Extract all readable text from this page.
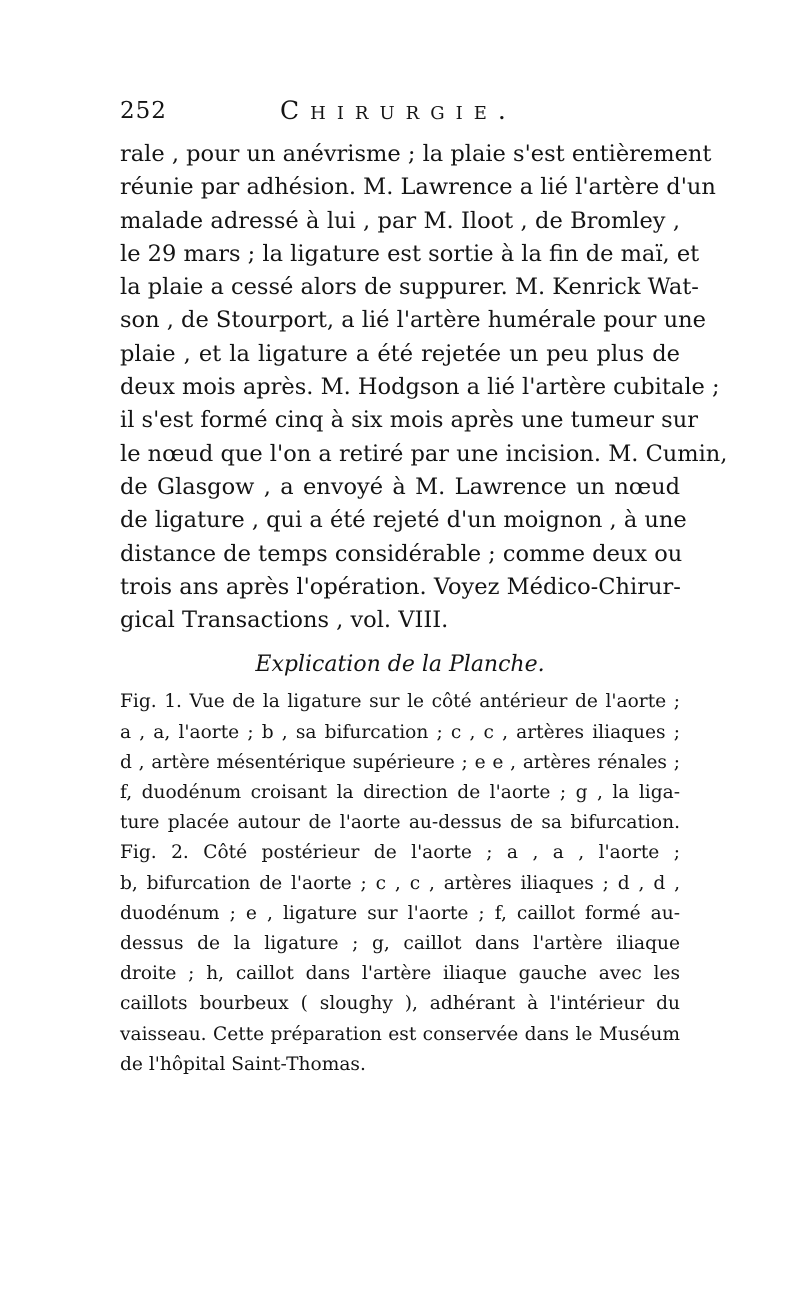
252	Chirurgie.
rale , pour un anévrisme ; la plaie s'est entièrement
réunie par adhésion. M. Lawrence a lié l'artère d'un
malade adressé à lui , par M. Iloot , de Bromley ,
le 29 mars ; la ligature est sortie à la fin de maï, et
la plaie a cessé alors de suppurer. M. Kenrick Wat-
son , de Stourport, a lié l'artère humérale pour une
plaie , et la ligature a été rejetée un peu plus de
deux mois après. M. Hodgson a lié l'artère cubitale ;
il s'est formé cinq à six mois après une tumeur sur
le nœud que l'on a retiré par une incision. M. Cumin,
de Glasgow , a envoyé à M. Lawrence un nœud
de ligature , qui a été rejeté d'un moignon , à une
distance de temps considérable ; comme deux ou
trois ans après l'opération. Voyez Médico-Chirur-
gical Transactions , vol. VIII.
Explication de la Planche.
Fig. 1. Vue de la ligature sur le côté antérieur de l'aorte ;
a , a, l'aorte ; b , sa bifurcation ; c , c , artères iliaques ;
d , artère mésentérique supérieure ; e e , artères rénales ;
f, duodénum croisant la direction de l'aorte ; g , la liga-
ture placée autour de l'aorte au-dessus de sa bifurcation.
Fig. 2. Côté postérieur de l'aorte ; a , a , l'aorte ;
b, bifurcation de l'aorte ; c , c , artères iliaques ; d , d ,
duodénum ; e , ligature sur l'aorte ; f, caillot formé au-
dessus de la ligature ; g, caillot dans l'artère iliaque
droite ; h, caillot dans l'artère iliaque gauche avec les
caillots bourbeux ( sloughy ), adhérant à l'intérieur du
vaisseau. Cette préparation est conservée dans le Muséum
de l'hôpital Saint-Thomas.
